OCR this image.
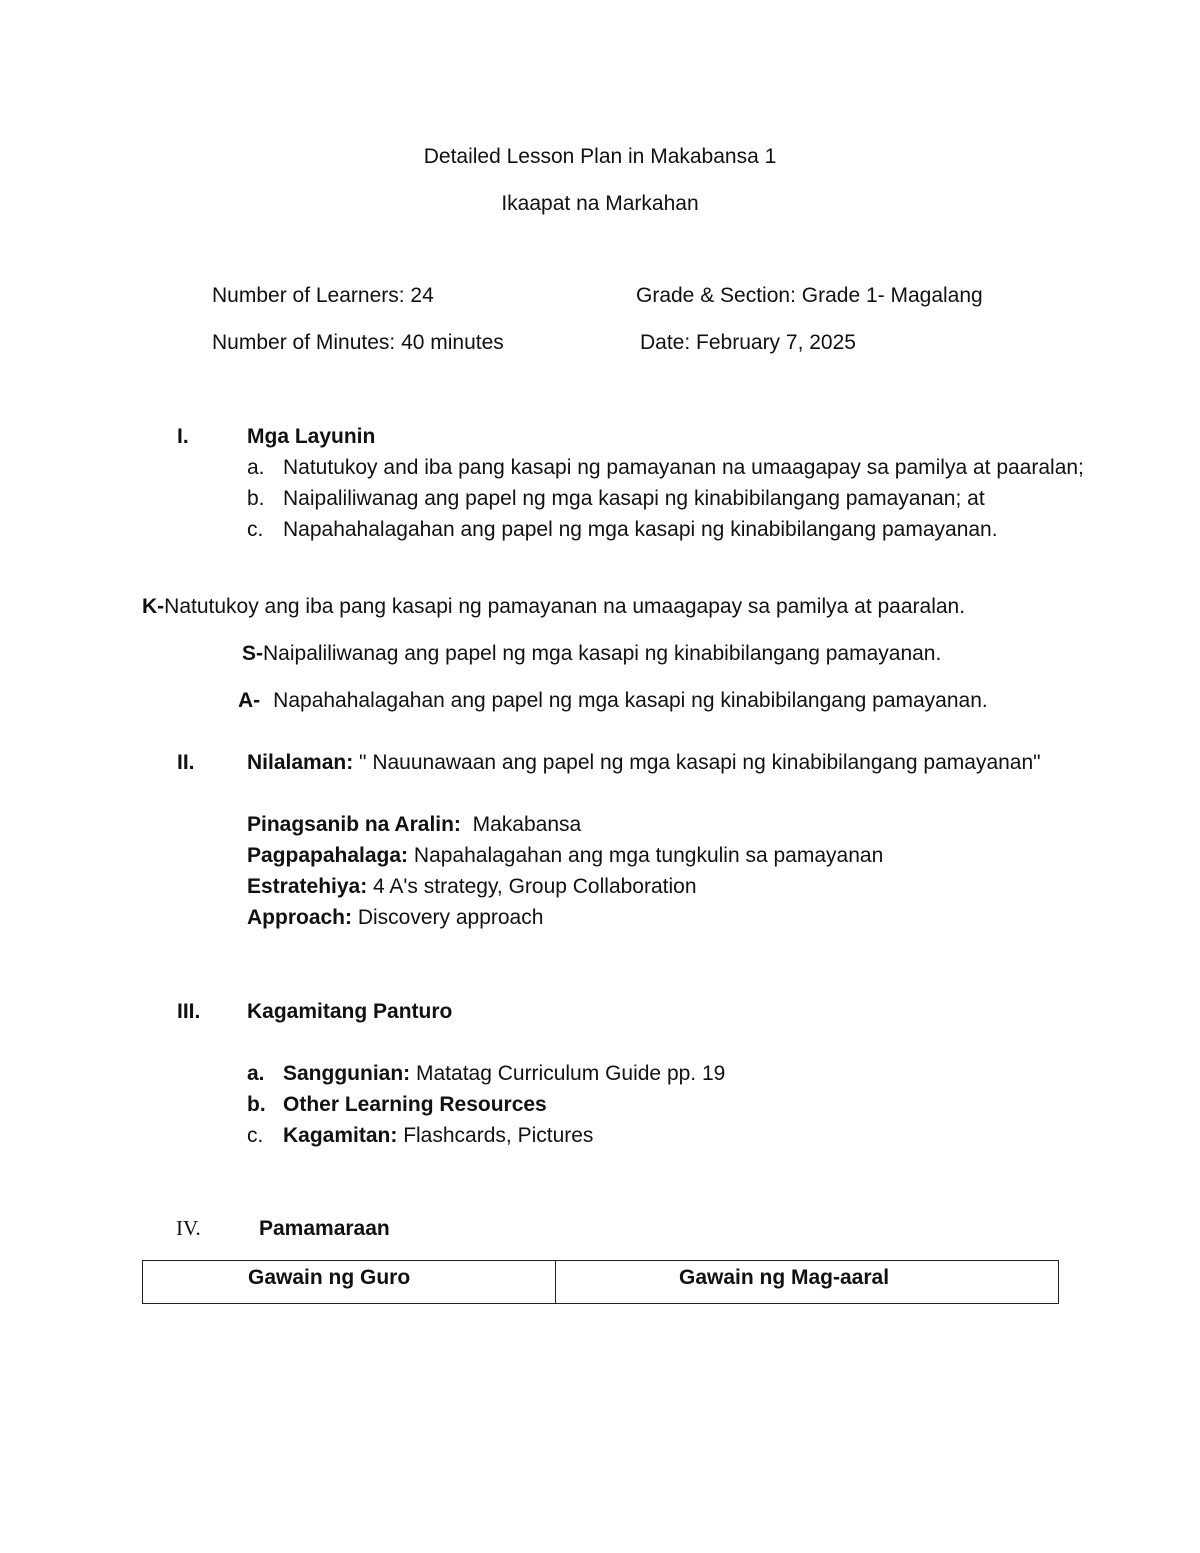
Detailed Lesson Plan in Makabansa 1
Ikaapat na Markahan
Number of Learners: 24	Grade & Section: Grade 1- Magalang
Number of Minutes: 40 minutes	Date: February 7, 2025
I.	Mga Layunin
a. Natutukoy and iba pang kasapi ng pamayanan na umaagapay sa pamilya at paaralan;
b. Naipaliliwanag ang papel ng mga kasapi ng kinabibilangang pamayanan; at
c. Napahahalagahan ang papel ng mga kasapi ng kinabibilangang pamayanan.
K-Natutukoy ang iba pang kasapi ng pamayanan na umaagapay sa pamilya at paaralan.
S-Naipaliliwanag ang papel ng mga kasapi ng kinabibilangang pamayanan.
A- Napahahalagahan ang papel ng mga kasapi ng kinabibilangang pamayanan.
II. Nilalaman: " Nauunawaan ang papel ng mga kasapi ng kinabibilangang pamayanan"
Pinagsanib na Aralin:  Makabansa
Pagpapahalaga: Napahalagahan ang mga tungkulin sa pamayanan
Estratehiya: 4 A's strategy, Group Collaboration
Approach: Discovery approach
III. Kagamitang Panturo
a. Sanggunian: Matatag Curriculum Guide pp. 19
b. Other Learning Resources
c. Kagamitan: Flashcards, Pictures
IV.	Pamamaraan
Gawain ng Guro	Gawain ng Mag-aaral
